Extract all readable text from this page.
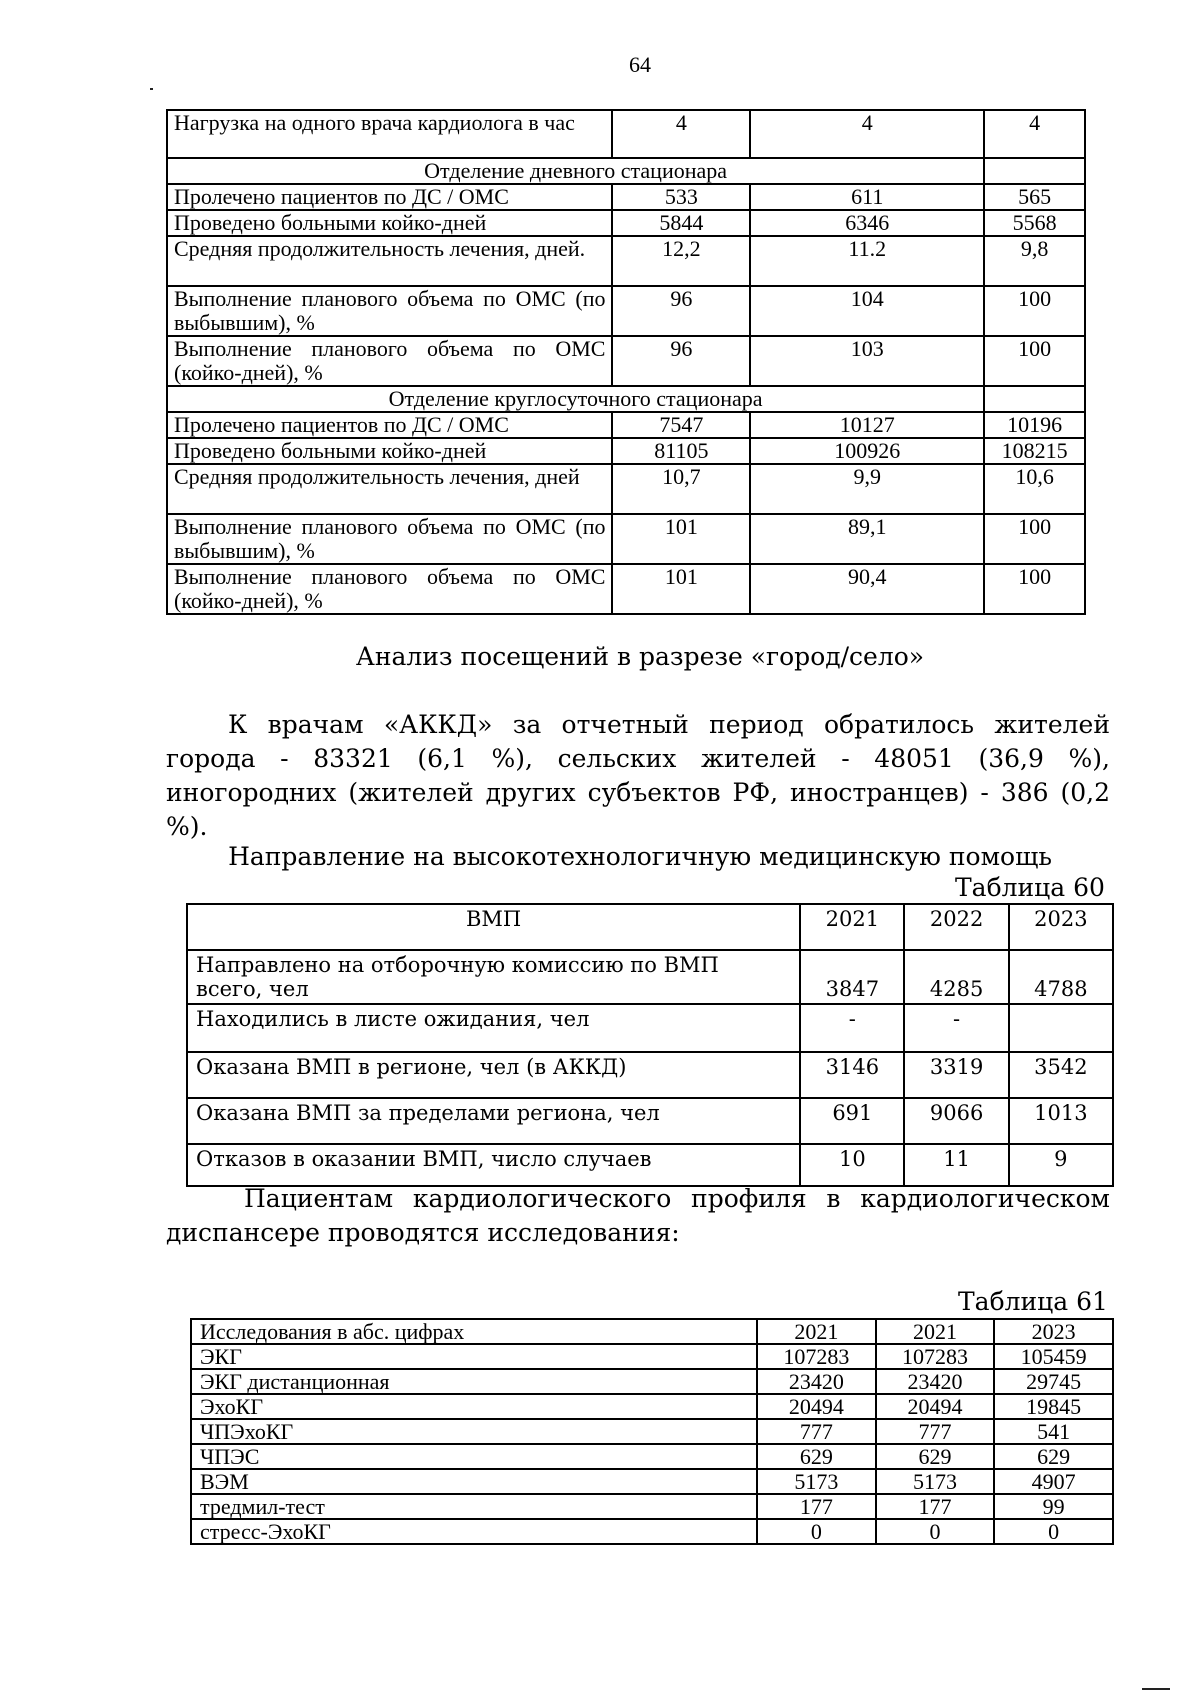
64
Нагрузка на одного врача кардиолога в час	4	4	4
Отделение дневного стационара			
Пролечено пациентов по ДС / ОМС	533	611	565
Проведено больными койко-дней	5844	6346	5568
Средняя продолжительность лечения, дней.	12,2	11.2	9,8
Выполнение планового объема по ОМС (по выбывшим), %	96	104	100
Выполнение планового объема по ОМС (койко-дней), %	96	103	100
Отделение круглосуточного стационара			
Пролечено пациентов по ДС / ОМС	7547	10127	10196
Проведено больными койко-дней	81105	100926	108215
Средняя продолжительность лечения, дней	10,7	9,9	10,6
Выполнение планового объема по ОМС (по выбывшим), %	101	89,1	100
Выполнение планового объема по ОМС (койко-дней), %	101	90,4	100
Анализ посещений в разрезе «город/село»
К врачам «АККД» за отчетный период обратилось жителей города - 83321 (6,1 %), сельских жителей - 48051 (36,9 %), иногородних (жителей других субъектов РФ, иностранцев) - 386 (0,2 %).
Направление на высокотехнологичную медицинскую помощь
Таблица 60
ВМП	2021	2022	2023
Направлено на отборочную комиссию по ВМП всего, чел	3847	4285	4788
Находились в листе ожидания, чел	-	-	
Оказана ВМП в регионе, чел (в АККД)	3146	3319	3542
Оказана ВМП за пределами региона, чел	691	9066	1013
Отказов в оказании ВМП, число случаев	10	11	9
Пациентам кардиологического профиля в кардиологическом диспансере проводятся исследования:
Таблица 61
Исследования в абс. цифрах	2021	2021	2023
ЭКГ	107283	107283	105459
ЭКГ дистанционная	23420	23420	29745
ЭхоКГ	20494	20494	19845
ЧПЭхоКГ	777	777	541
ЧПЭС	629	629	629
ВЭМ	5173	5173	4907
тредмил-тест	177	177	99
стресс-ЭхоКГ	0	0	0
